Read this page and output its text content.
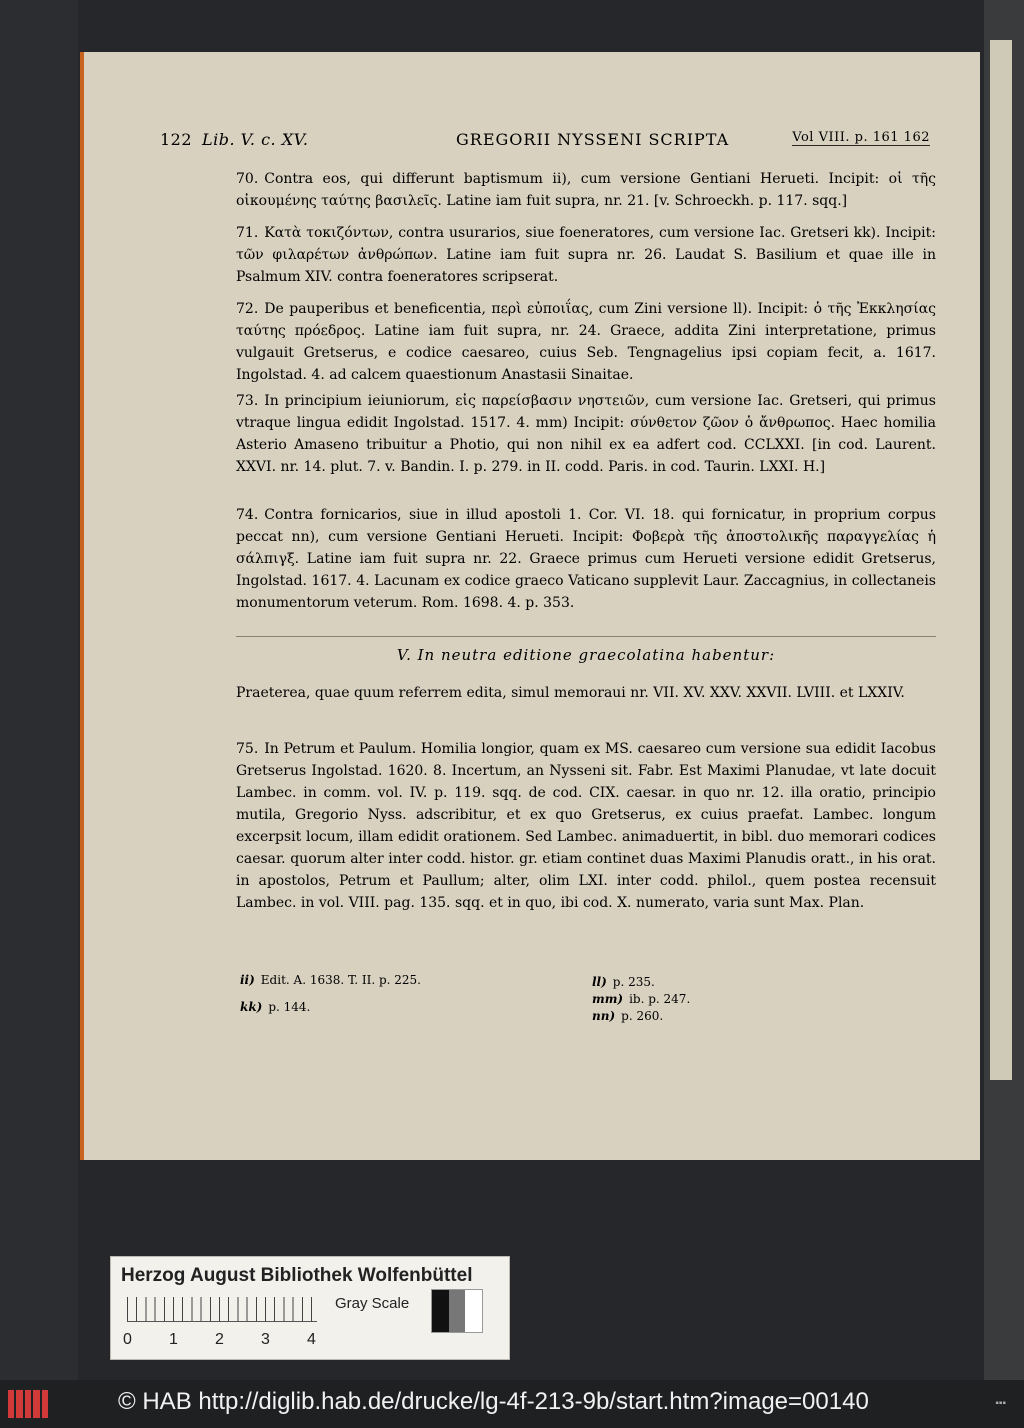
122 Lib. V. c. XV.	GREGORII NYSSENI SCRIPTA	Vol VIII. p. 161 162
70. Contra eos, qui differunt baptismum ii), cum versione Gentiani Herueti. Incipit: οἱ τῆς οἰκουμένης ταύτης βασιλεῖς. Latine iam fuit supra, nr. 21. [v. Schroeckh. p. 117. sqq.]
71. Κατὰ τοκιζόντων, contra usurarios, siue foeneratores, cum versione Iac. Gretseri kk). Incipit: τῶν φιλαρέτων ἀνθρώπων. Latine iam fuit supra nr. 26. Laudat S. Basilium et quae ille in Psalmum XIV. contra foeneratores scripserat.
72. De pauperibus et beneficentia, περὶ εὐποιΐας, cum Zini versione ll). Incipit: ὁ τῆς Ἐκκλησίας ταύτης πρόεδρος. Latine iam fuit supra, nr. 24. Graece, addita Zini interpretatione, primus vulgauit Gretserus, e codice caesareo, cuius Seb. Tengnagelius ipsi copiam fecit, a. 1617. Ingolstad. 4. ad calcem quaestionum Anastasii Sinaitae.
73. In principium ieiuniorum, εἰς παρείσβασιν νηστειῶν, cum versione Iac. Gretseri, qui primus vtraque lingua edidit Ingolstad. 1517. 4. mm) Incipit: σύνθετον ζῶον ὁ ἄνθρωπος. Haec homilia Asterio Amaseno tribuitur a Photio, qui non nihil ex ea adfert cod. CCLXXI. [in cod. Laurent. XXVI. nr. 14. plut. 7. v. Bandin. I. p. 279. in II. codd. Paris. in cod. Taurin. LXXI. H.]
74. Contra fornicarios, siue in illud apostoli 1. Cor. VI. 18. qui fornicatur, in proprium corpus peccat nn), cum versione Gentiani Herueti. Incipit: Φοβερὰ τῆς ἀποστολικῆς παραγγελίας ἡ σάλπιγξ. Latine iam fuit supra nr. 22. Graece primus cum Herueti versione edidit Gretserus, Ingolstad. 1617. 4. Lacunam ex codice graeco Vaticano supplevit Laur. Zaccagnius, in collectaneis monumentorum veterum. Rom. 1698. 4. p. 353.
V. In neutra editione graecolatina habentur:
Praeterea, quae quum referrem edita, simul memoraui nr. VII. XV. XXV. XXVII. LVIII. et LXXIV.
75. In Petrum et Paulum. Homilia longior, quam ex MS. caesareo cum versione sua edidit Iacobus Gretserus Ingolstad. 1620. 8. Incertum, an Nysseni sit. Fabr. Est Maximi Planudae, vt late docuit Lambec. in comm. vol. IV. p. 119. sqq. de cod. CIX. caesar. in quo nr. 12. illa oratio, principio mutila, Gregorio Nyss. adscribitur, et ex quo Gretserus, ex cuius praefat. Lambec. longum excerpsit locum, illam edidit orationem. Sed Lambec. animaduertit, in bibl. duo memorari codices caesar. quorum alter inter codd. histor. gr. etiam continet duas Maximi Planudis oratt., in his orat. in apostolos, Petrum et Paullum; alter, olim LXI. inter codd. philol., quem postea recensuit Lambec. in vol. VIII. pag. 135. sqq. et in quo, ibi cod. X. numerato, varia sunt Max. Plan.
ii) Edit. A. 1638. T. II. p. 225.
kk) p. 144.
ll) p. 235.
mm) ib. p. 247.
nn) p. 260.
Herzog August Bibliothek Wolfenbüttel
0 1 2 3 4
Gray Scale
© HAB http://diglib.hab.de/drucke/lg-4f-213-9b/start.htm?image=00140	▪▪▪
